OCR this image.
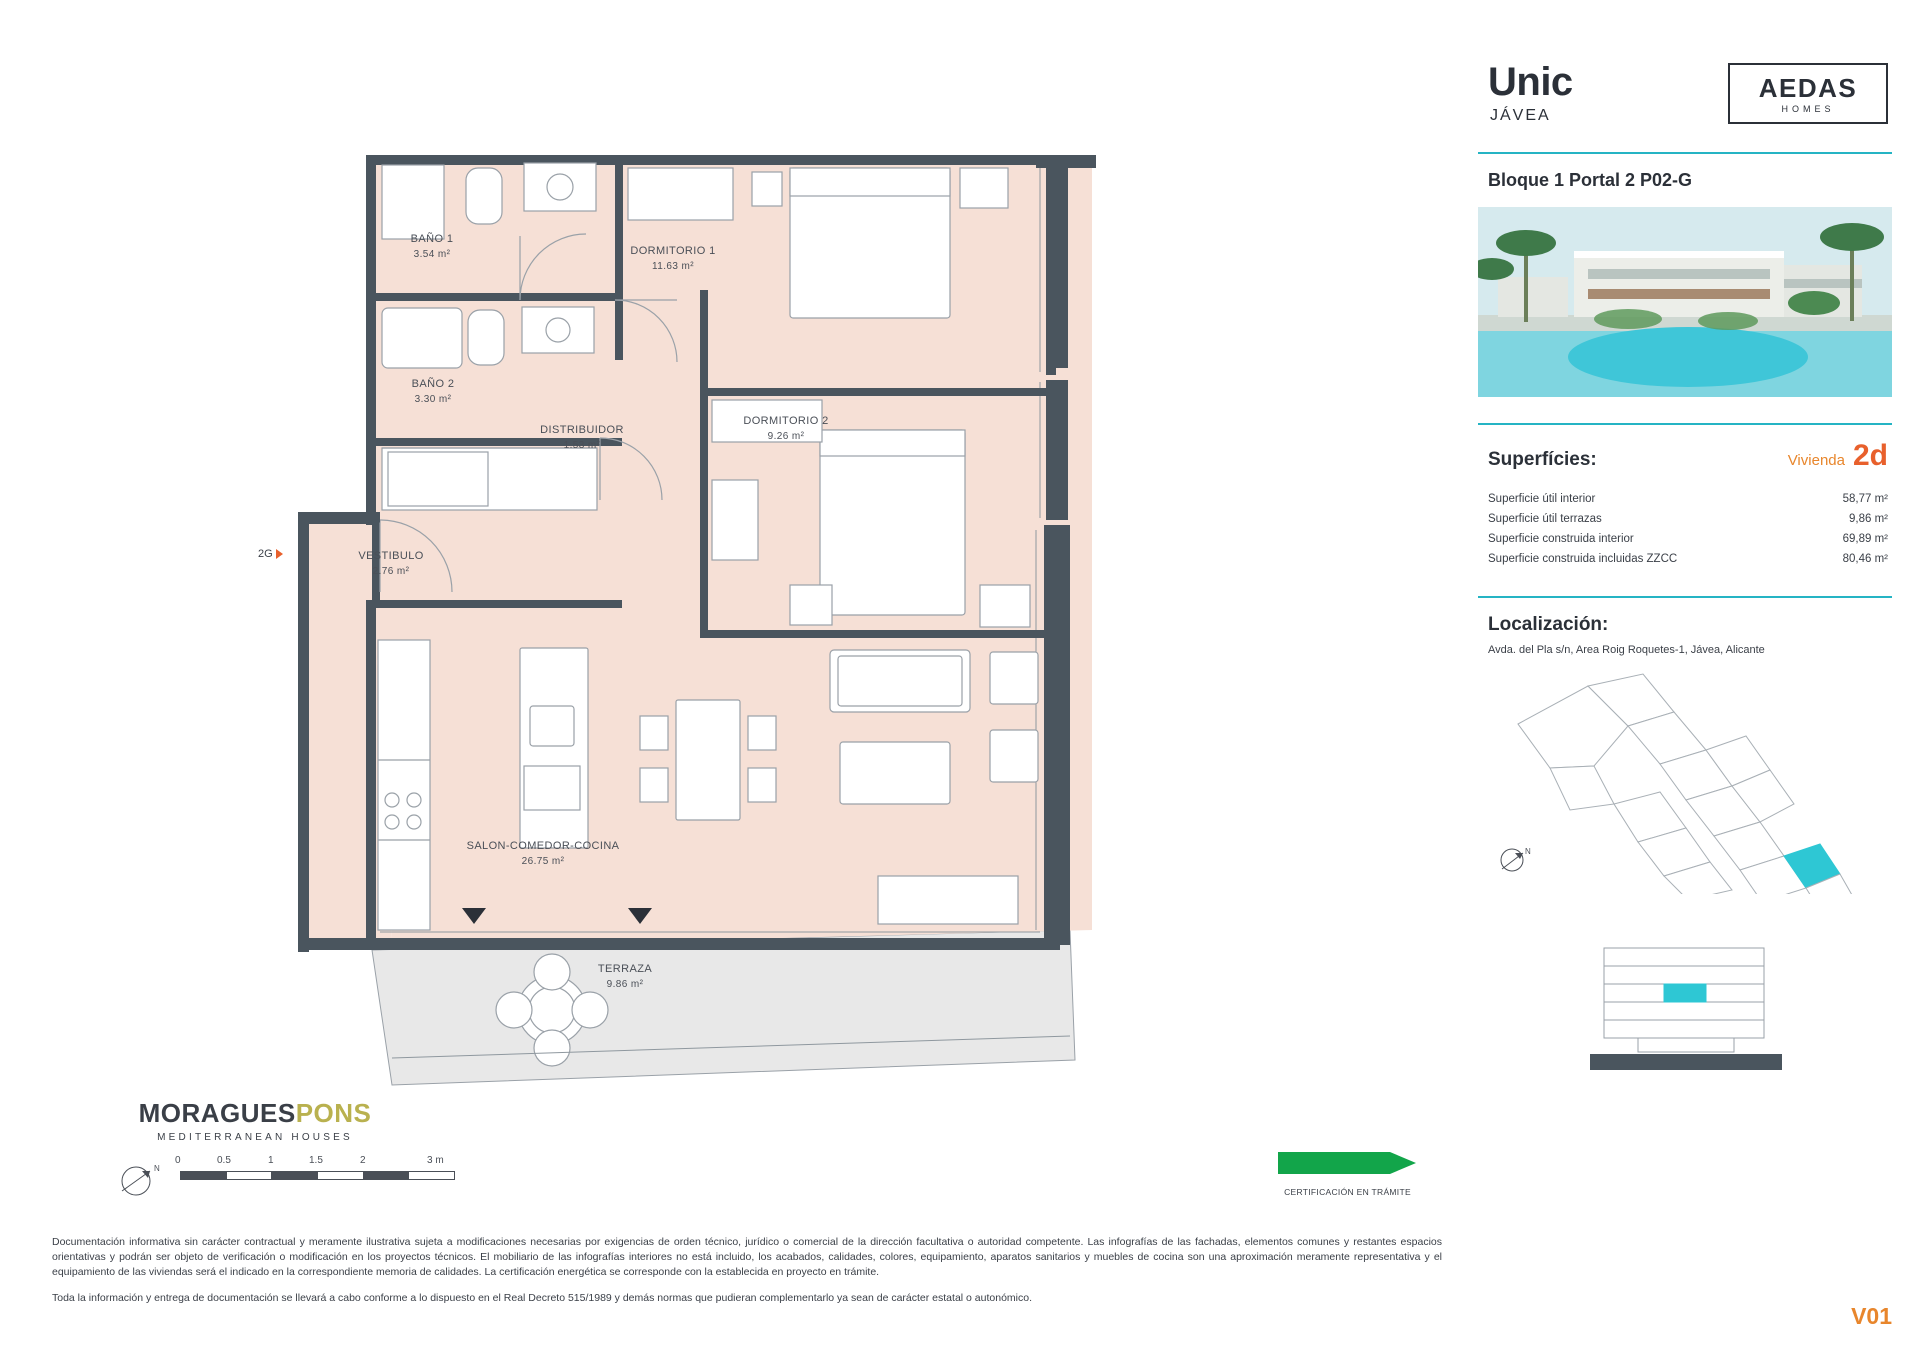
2G
BAÑO 1
3.54 m²	DORMITORIO 1
11.63 m²
BAÑO 2
3.30 m²
DISTRIBUIDOR
1.53 m²
DORMITORIO 2
9.26 m²
VESTIBULO
2.76 m²
SALON-COMEDOR-COCINA
26.75 m²
TERRAZA
9.86 m²
MORAGUESPONS
MEDITERRANEAN HOUSES
N
0	0.5	1	1.5	2	3 m
CERTIFICACIÓN EN TRÁMITE

Documentación informativa sin carácter contractual y meramente ilustrativa sujeta a modificaciones necesarias por exigencias de orden técnico, jurídico o comercial de la dirección facultativa o autoridad competente. Las infografías de las fachadas, elementos comunes y restantes espacios orientativas y podrán ser objeto de verificación o modificación en los proyectos técnicos. El mobiliario de las infografías interiores no está incluido, los acabados, calidades, colores, equipamiento, aparatos sanitarios y muebles de cocina son una aproximación meramente representativa y el equipamiento de las viviendas será el indicado en la correspondiente memoria de calidades. La certificación energética se corresponde con la establecida en proyecto en trámite.

Toda la información y entrega de documentación se llevará a cabo conforme a lo dispuesto en el Real Decreto 515/1989 y demás normas que pudieran complementarlo ya sean de carácter estatal o autonómico.

Unic
JÁVEA
AEDAS
HOMES
Bloque 1 Portal 2 P02-G
Superfícies:	Vivienda 2d
Superficie útil interior	58,77 m²
Superficie útil terrazas	9,86 m²
Superficie construida interior	69,89 m²
Superficie construida incluidas ZZCC	80,46 m²
Localización:
Avda. del Pla s/n, Area Roig Roquetes-1, Jávea, Alicante
N
V01
